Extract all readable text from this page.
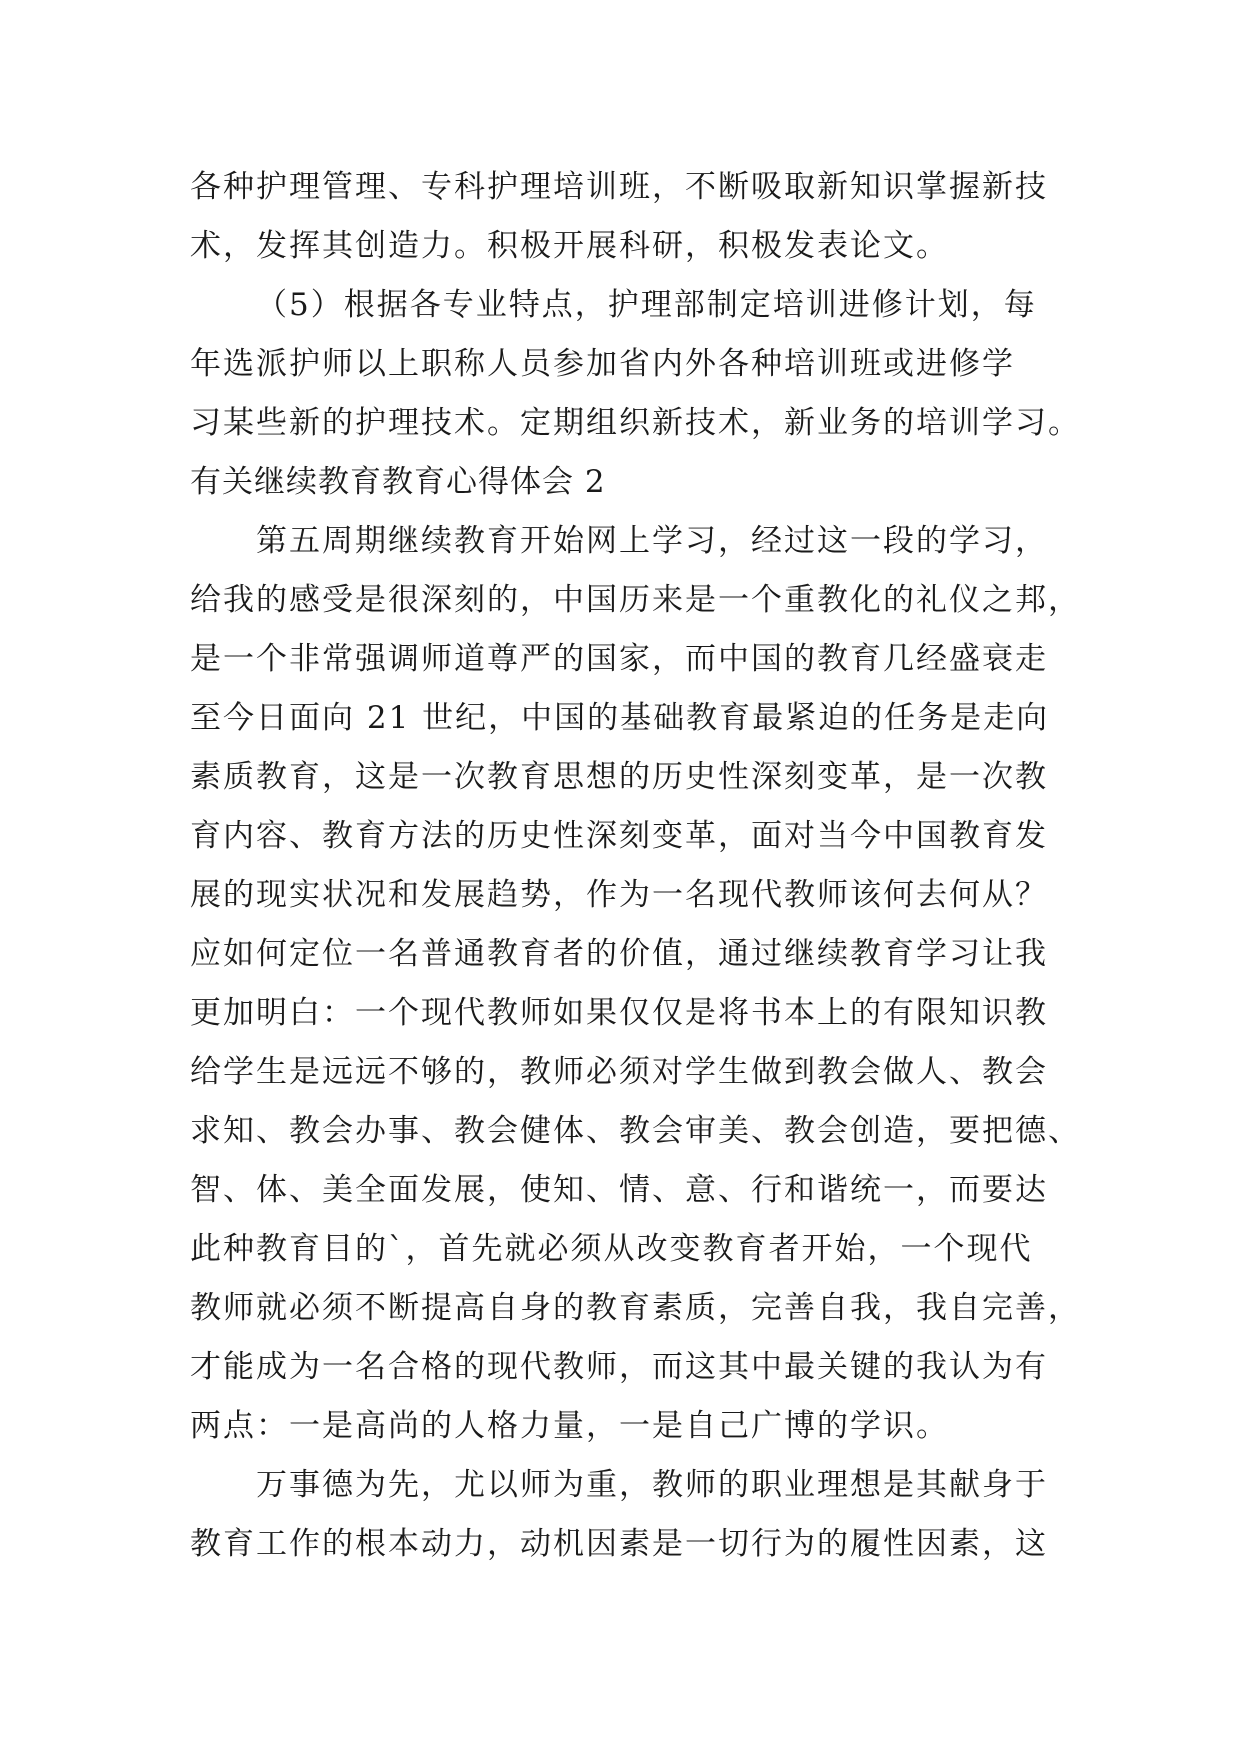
各种护理管理、专科护理培训班，不断吸取新知识掌握新技
术，发挥其创造力。积极开展科研，积极发表论文。
（5）根据各专业特点，护理部制定培训进修计划，每
年选派护师以上职称人员参加省内外各种培训班或进修学
习某些新的护理技术。定期组织新技术，新业务的培训学习。
有关继续教育教育心得体会 2
第五周期继续教育开始网上学习，经过这一段的学习，
给我的感受是很深刻的，中国历来是一个重教化的礼仪之邦，
是一个非常强调师道尊严的国家，而中国的教育几经盛衰走
至今日面向 21 世纪，中国的基础教育最紧迫的任务是走向
素质教育，这是一次教育思想的历史性深刻变革，是一次教
育内容、教育方法的历史性深刻变革，面对当今中国教育发
展的现实状况和发展趋势，作为一名现代教师该何去何从？
应如何定位一名普通教育者的价值，通过继续教育学习让我
更加明白：一个现代教师如果仅仅是将书本上的有限知识教
给学生是远远不够的，教师必须对学生做到教会做人、教会
求知、教会办事、教会健体、教会审美、教会创造，要把德、
智、体、美全面发展，使知、情、意、行和谐统一，而要达
此种教育目的`，首先就必须从改变教育者开始，一个现代
教师就必须不断提高自身的教育素质，完善自我，我自完善，
才能成为一名合格的现代教师，而这其中最关键的我认为有
两点：一是高尚的人格力量，一是自己广博的学识。
万事德为先，尤以师为重，教师的职业理想是其献身于
教育工作的根本动力，动机因素是一切行为的履性因素，这
